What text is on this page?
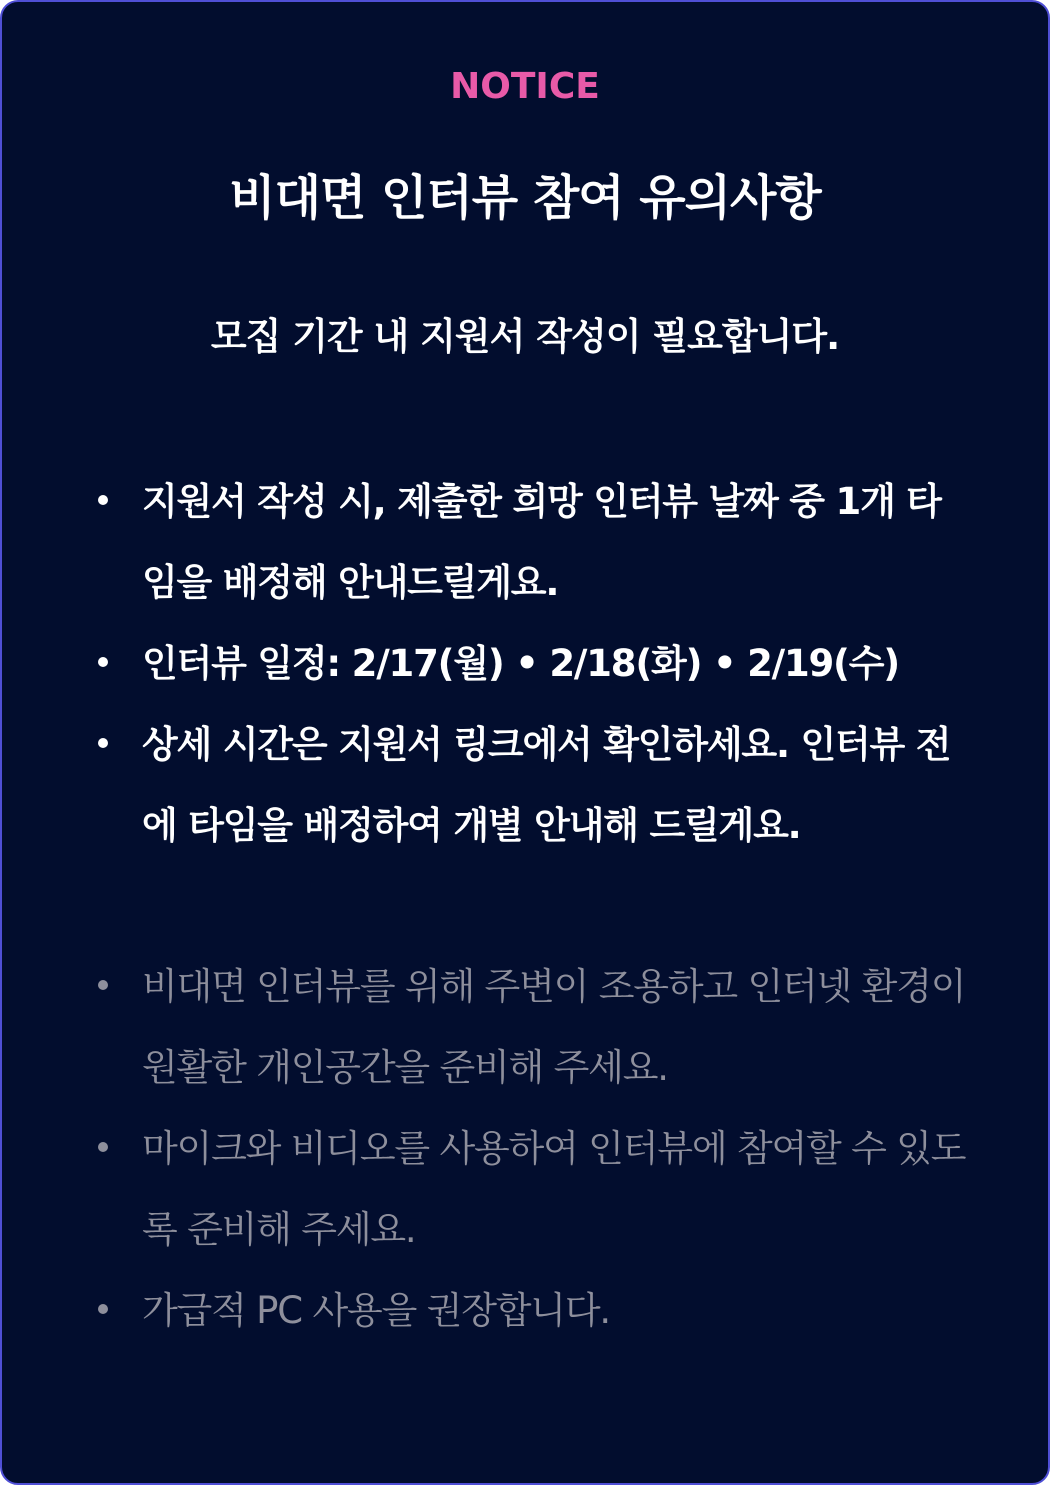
NOTICE
비대면 인터뷰 참여 유의사항
모집 기간 내 지원서 작성이 필요합니다.
지원서 작성 시, 제출한 희망 인터뷰 날짜 중 1개 타임을 배정해 안내드릴게요.
인터뷰 일정: 2/17(월) • 2/18(화) • 2/19(수)
상세 시간은 지원서 링크에서 확인하세요. 인터뷰 전에 타임을 배정하여 개별 안내해 드릴게요.
비대면 인터뷰를 위해 주변이 조용하고 인터넷 환경이 원활한 개인공간을 준비해 주세요.
마이크와 비디오를 사용하여 인터뷰에 참여할 수 있도록 준비해 주세요.
가급적 PC 사용을 권장합니다.
